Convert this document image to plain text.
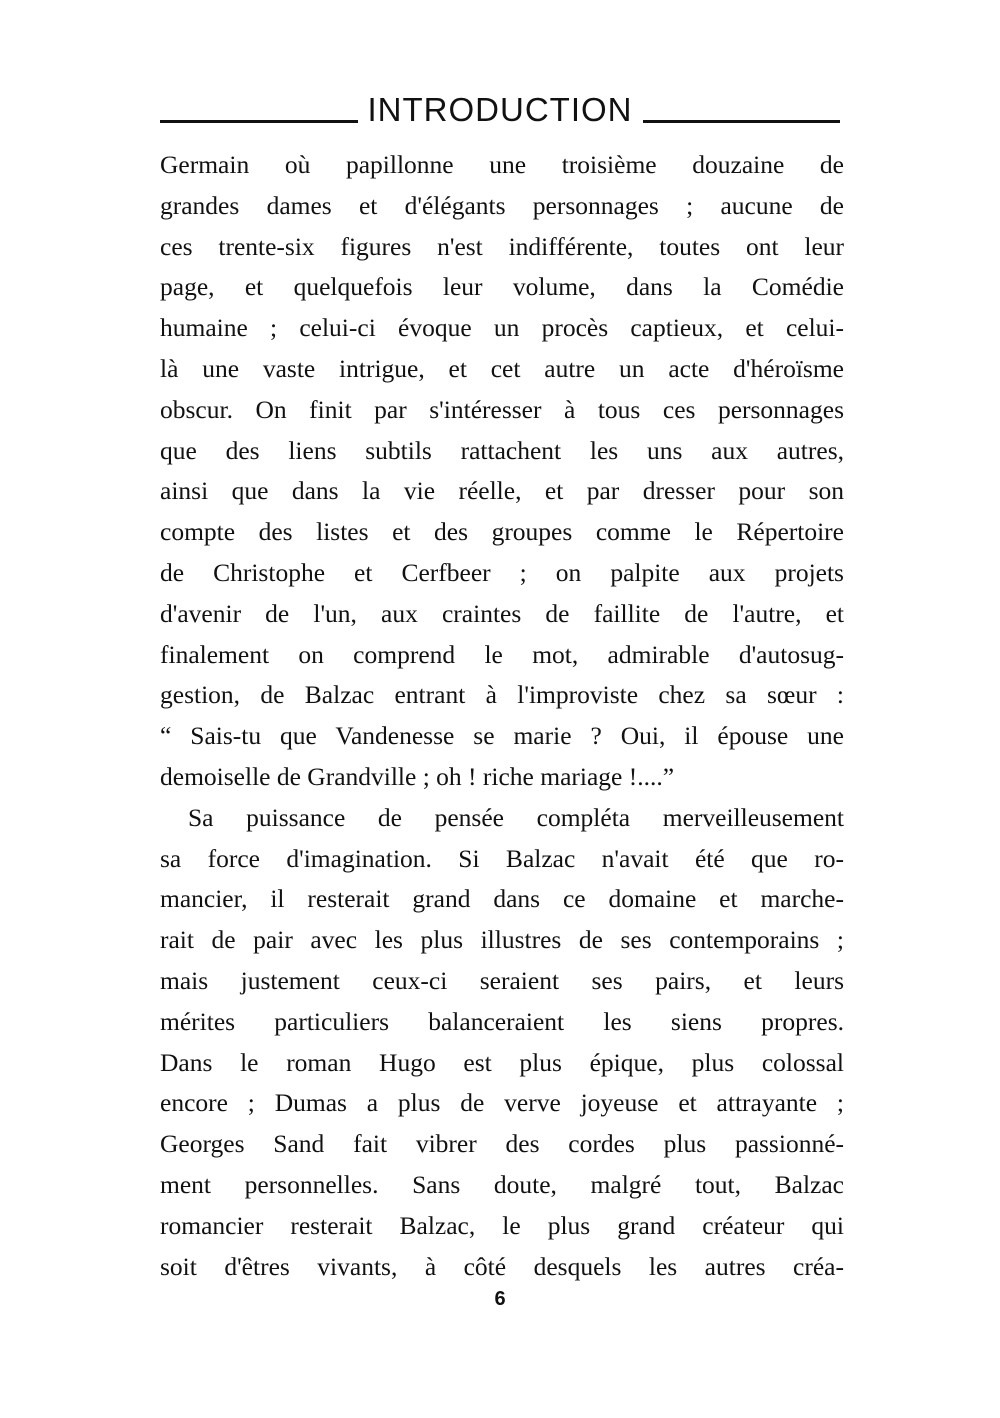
INTRODUCTION
Germain où papillonne une troisième douzaine de
grandes dames et d'élégants personnages ; aucune de
ces trente-six figures n'est indifférente, toutes ont leur
page, et quelquefois leur volume, dans la Comédie
humaine ; celui-ci évoque un procès captieux, et celui-
là une vaste intrigue, et cet autre un acte d'héroïsme
obscur. On finit par s'intéresser à tous ces personnages
que des liens subtils rattachent les uns aux autres,
ainsi que dans la vie réelle, et par dresser pour son
compte des listes et des groupes comme le Répertoire
de Christophe et Cerfbeer ; on palpite aux projets
d'avenir de l'un, aux craintes de faillite de l'autre, et
finalement on comprend le mot, admirable d'autosug-
gestion, de Balzac entrant à l'improviste chez sa sœur :
“ Sais-tu que Vandenesse se marie ? Oui, il épouse une
demoiselle de Grandville ; oh ! riche mariage !....”
Sa puissance de pensée compléta merveilleusement
sa force d'imagination. Si Balzac n'avait été que ro-
mancier, il resterait grand dans ce domaine et marche-
rait de pair avec les plus illustres de ses contemporains ;
mais justement ceux-ci seraient ses pairs, et leurs
mérites particuliers balanceraient les siens propres.
Dans le roman Hugo est plus épique, plus colossal
encore ; Dumas a plus de verve joyeuse et attrayante ;
Georges Sand fait vibrer des cordes plus passionné-
ment personnelles. Sans doute, malgré tout, Balzac
romancier resterait Balzac, le plus grand créateur qui
soit d'êtres vivants, à côté desquels les autres créa-
6
